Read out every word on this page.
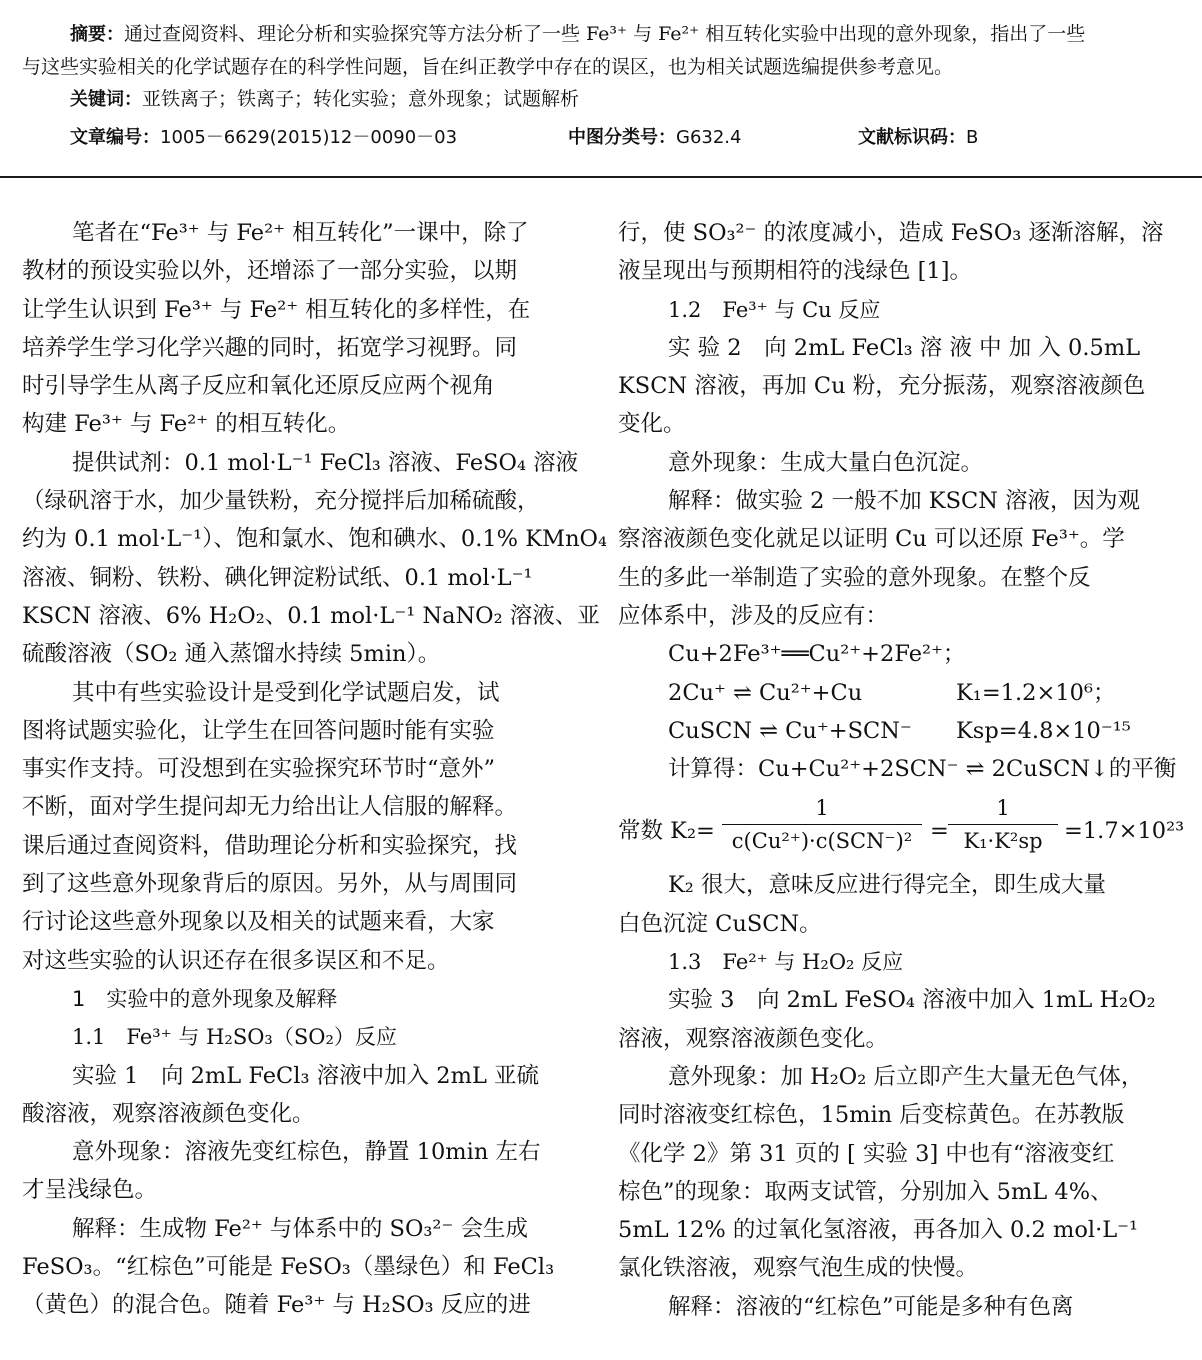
摘要：通过查阅资料、理论分析和实验探究等方法分析了一些 Fe³⁺ 与 Fe²⁺ 相互转化实验中出现的意外现象，指出了一些
与这些实验相关的化学试题存在的科学性问题，旨在纠正教学中存在的误区，也为相关试题选编提供参考意见。
关键词：亚铁离子；铁离子；转化实验；意外现象；试题解析
文章编号：1005－6629(2015)12－0090－03	中图分类号：G632.4	文献标识码：B

笔者在“Fe³⁺ 与 Fe²⁺ 相互转化”一课中，除了

教材的预设实验以外，还增添了一部分实验，以期

让学生认识到 Fe³⁺ 与 Fe²⁺ 相互转化的多样性，在

培养学生学习化学兴趣的同时，拓宽学习视野。同

时引导学生从离子反应和氧化还原反应两个视角

构建 Fe³⁺ 与 Fe²⁺ 的相互转化。

提供试剂：0.1 mol·L⁻¹ FeCl₃ 溶液、FeSO₄ 溶液

（绿矾溶于水，加少量铁粉，充分搅拌后加稀硫酸，

约为 0.1 mol·L⁻¹）、饱和氯水、饱和碘水、0.1% KMnO₄

溶液、铜粉、铁粉、碘化钾淀粉试纸、0.1 mol·L⁻¹

KSCN 溶液、6% H₂O₂、0.1 mol·L⁻¹ NaNO₂ 溶液、亚

硫酸溶液（SO₂ 通入蒸馏水持续 5min）。

其中有些实验设计是受到化学试题启发，试

图将试题实验化，让学生在回答问题时能有实验

事实作支持。可没想到在实验探究环节时“意外”

不断，面对学生提问却无力给出让人信服的解释。

课后通过查阅资料，借助理论分析和实验探究，找

到了这些意外现象背后的原因。另外，从与周围同

行讨论这些意外现象以及相关的试题来看，大家

对这些实验的认识还存在很多误区和不足。

1　实验中的意外现象及解释

1.1　Fe³⁺ 与 H₂SO₃（SO₂）反应

实验 1　向 2mL FeCl₃ 溶液中加入 2mL 亚硫

酸溶液，观察溶液颜色变化。

意外现象：溶液先变红棕色，静置 10min 左右

才呈浅绿色。

解释：生成物 Fe²⁺ 与体系中的 SO₃²⁻ 会生成

FeSO₃。“红棕色”可能是 FeSO₃（墨绿色）和 FeCl₃

（黄色）的混合色。随着 Fe³⁺ 与 H₂SO₃ 反应的进

行，使 SO₃²⁻ 的浓度减小，造成 FeSO₃ 逐渐溶解，溶

液呈现出与预期相符的浅绿色 [1]。

1.2　Fe³⁺ 与 Cu 反应

实 验 2　向 2mL FeCl₃ 溶 液 中 加 入 0.5mL

KSCN 溶液，再加 Cu 粉，充分振荡，观察溶液颜色

变化。

意外现象：生成大量白色沉淀。

解释：做实验 2 一般不加 KSCN 溶液，因为观

察溶液颜色变化就足以证明 Cu 可以还原 Fe³⁺。学

生的多此一举制造了实验的意外现象。在整个反

应体系中，涉及的反应有：

Cu+2Fe³⁺══Cu²⁺+2Fe²⁺；
2Cu⁺ ⇌ Cu²⁺+Cu	K₁=1.2×10⁶；
CuSCN ⇌ Cu⁺+SCN⁻ Ksp=4.8×10⁻¹⁵

计算得：Cu+Cu²⁺+2SCN⁻ ⇌ 2CuSCN↓的平衡

常数 K₂=
1
$c(Cu^{2+})\cdot c(SCN^-)^2 = \frac{1}{\text{K₁·K²sp}} =1.7\times 10^{23}$

K₂ 很大，意味反应进行得完全，即生成大量

白色沉淀 CuSCN。

1.3　Fe²⁺ 与 H₂O₂ 反应

实验 3　向 2mL FeSO₄ 溶液中加入 1mL H₂O₂

溶液，观察溶液颜色变化。

意外现象：加 H₂O₂ 后立即产生大量无色气体，

同时溶液变红棕色，15min 后变棕黄色。在苏教版

《化学 2》第 31 页的 [ 实验 3] 中也有“溶液变红

棕色”的现象：取两支试管，分别加入 5mL 4%、

5mL 12% 的过氧化氢溶液，再各加入 0.2 mol·L⁻¹

氯化铁溶液，观察气泡生成的快慢。

解释：溶液的“红棕色”可能是多种有色离
